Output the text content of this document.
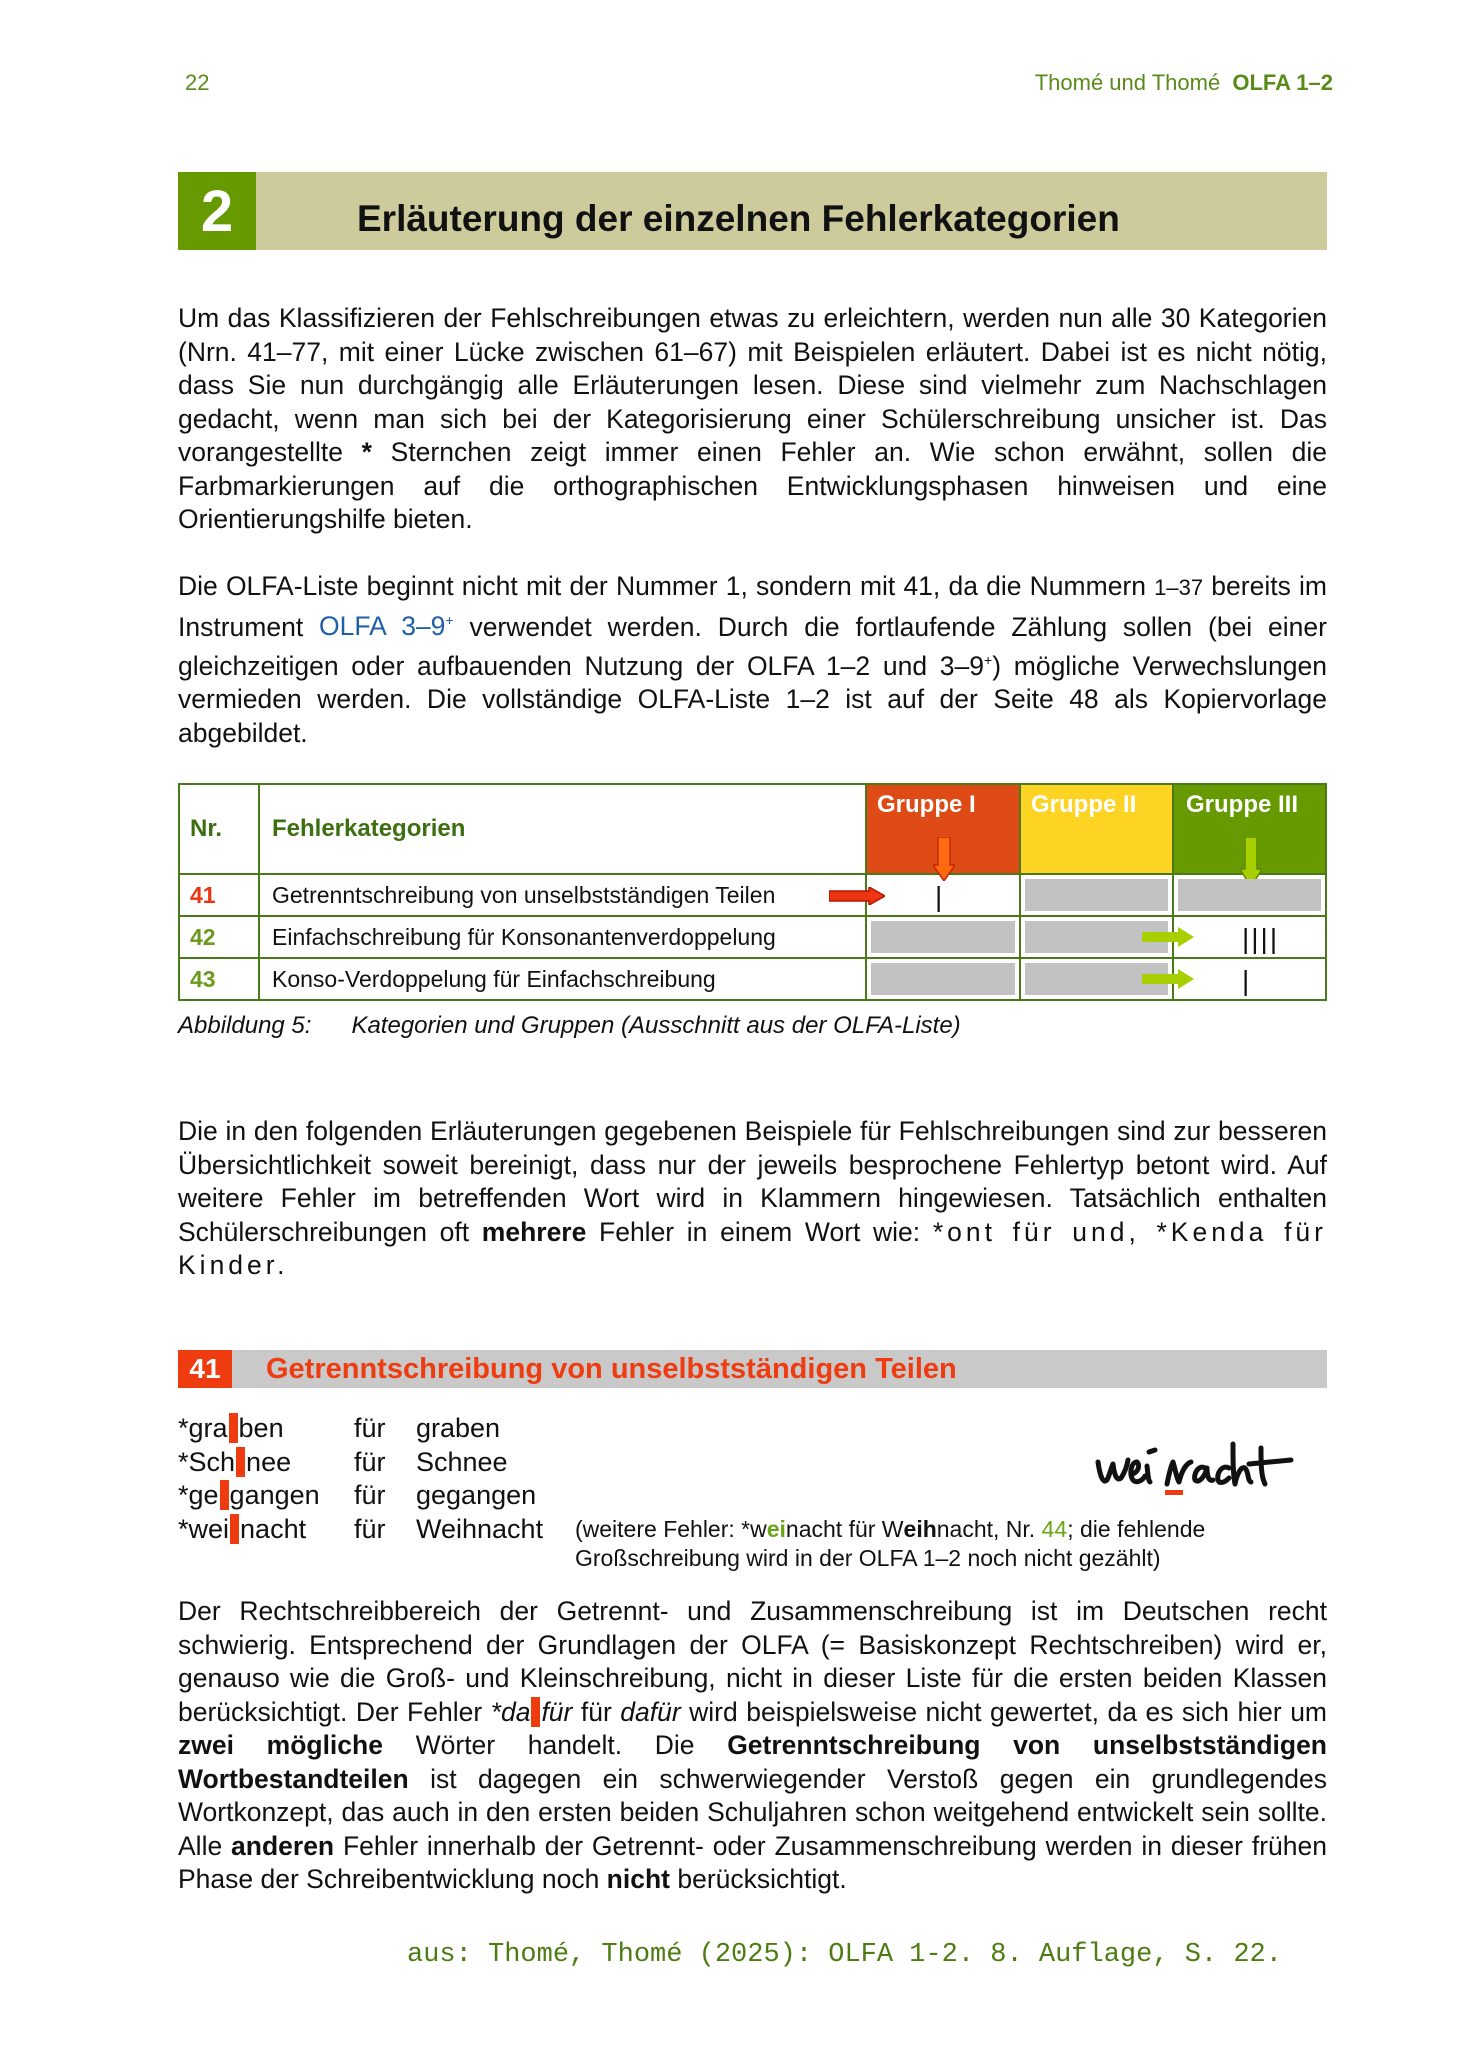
22	Thomé und Thomé OLFA 1–2
2	Erläuterung der einzelnen Fehlerkategorien
Um das Klassifizieren der Fehlschreibungen etwas zu erleichtern, werden nun alle 30 Kategorien (Nrn. 41–77, mit einer Lücke zwischen 61–67) mit Beispielen erläutert. Dabei ist es nicht nötig, dass Sie nun durchgängig alle Erläuterungen lesen. Diese sind vielmehr zum Nachschlagen gedacht, wenn man sich bei der Kategorisierung einer Schülerschreibung unsicher ist. Das vorangestellte * Sternchen zeigt immer einen Fehler an. Wie schon erwähnt, sollen die Farbmarkierungen auf die orthographischen Entwicklungsphasen hinweisen und eine Orientierungshilfe bieten.
Die OLFA-Liste beginnt nicht mit der Nummer 1, sondern mit 41, da die Nummern 1–37 bereits im Instrument OLFA 3–9+ verwendet werden. Durch die fortlaufende Zählung sollen (bei einer gleichzeitigen oder aufbauenden Nutzung der OLFA 1–2 und 3–9+) mögliche Verwechslungen vermieden werden. Die vollständige OLFA-Liste 1–2 ist auf der Seite 48 als Kopiervorlage abgebildet.
Nr.	Fehlerkategorien	Gruppe I	Gruppe II	Gruppe III

41	Getrenntschreibung von unselbstständigen Teilen	|		

42	Einfachschreibung für Konsonantenverdoppelung			||||

43	Konso-Verdoppelung für Einfachschreibung			|
Abbildung 5: Kategorien und Gruppen (Ausschnitt aus der OLFA-Liste)
Die in den folgenden Erläuterungen gegebenen Beispiele für Fehlschreibungen sind zur besseren Übersichtlichkeit soweit bereinigt, dass nur der jeweils besprochene Fehlertyp betont wird. Auf weitere Fehler im betreffenden Wort wird in Klammern hingewiesen. Tatsächlich enthalten Schülerschreibungen oft mehrere Fehler in einem Wort wie: *ont für und, *Kenda für Kinder.
41	Getrenntschreibung von unselbstständigen Teilen
*gra ben	für	graben
*Sch nee	für	Schnee
*ge gangen	für	gegangen
*wei nacht	für	Weihnacht (weitere Fehler: *weinacht für Weihnacht, Nr. 44; die fehlende
Großschreibung wird in der OLFA 1–2 noch nicht gezählt)
Der Rechtschreibbereich der Getrennt- und Zusammenschreibung ist im Deutschen recht schwierig. Entsprechend der Grundlagen der OLFA (= Basiskonzept Rechtschreiben) wird er, genauso wie die Groß- und Kleinschreibung, nicht in dieser Liste für die ersten beiden Klassen berücksichtigt. Der Fehler *da für für dafür wird beispielsweise nicht gewertet, da es sich hier um zwei mögliche Wörter handelt. Die Getrenntschreibung von unselbstständigen Wortbestandteilen ist dagegen ein schwerwiegender Verstoß gegen ein grundlegendes Wortkonzept, das auch in den ersten beiden Schuljahren schon weitgehend entwickelt sein sollte. Alle anderen Fehler innerhalb der Getrennt- oder Zusammenschreibung werden in dieser frühen Phase der Schreibentwicklung noch nicht berücksichtigt.
aus: Thomé, Thomé (2025): OLFA 1-2. 8. Auflage, S. 22.
